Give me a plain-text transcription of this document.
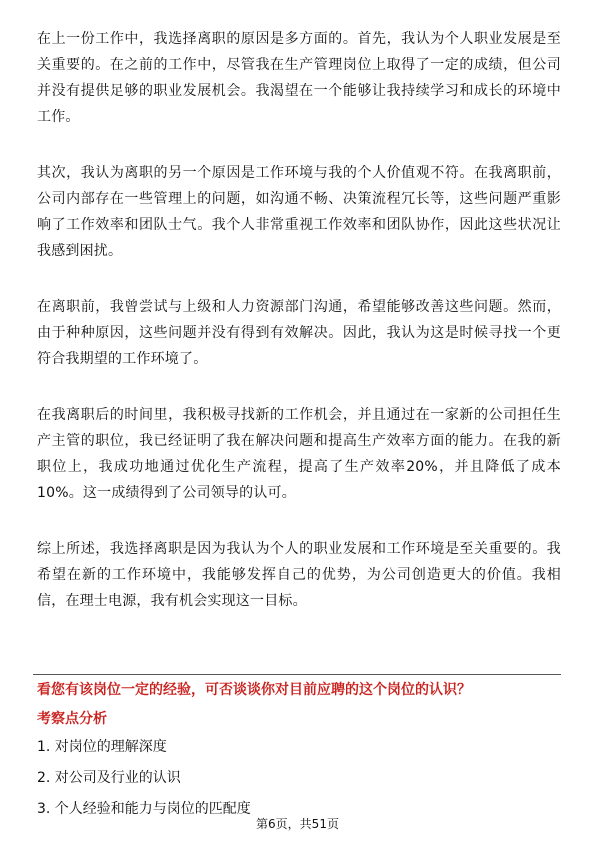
在上一份工作中，我选择离职的原因是多方面的。首先，我认为个人职业发展是至关重要的。在之前的工作中，尽管我在生产管理岗位上取得了一定的成绩，但公司并没有提供足够的职业发展机会。我渴望在一个能够让我持续学习和成长的环境中工作。

其次，我认为离职的另一个原因是工作环境与我的个人价值观不符。在我离职前，公司内部存在一些管理上的问题，如沟通不畅、决策流程冗长等，这些问题严重影响了工作效率和团队士气。我个人非常重视工作效率和团队协作，因此这些状况让我感到困扰。

在离职前，我曾尝试与上级和人力资源部门沟通，希望能够改善这些问题。然而，由于种种原因，这些问题并没有得到有效解决。因此，我认为这是时候寻找一个更符合我期望的工作环境了。

在我离职后的时间里，我积极寻找新的工作机会，并且通过在一家新的公司担任生产主管的职位，我已经证明了我在解决问题和提高生产效率方面的能力。在我的新职位上，我成功地通过优化生产流程，提高了生产效率20%，并且降低了成本10%。这一成绩得到了公司领导的认可。

综上所述，我选择离职是因为我认为个人的职业发展和工作环境是至关重要的。我希望在新的工作环境中，我能够发挥自己的优势，为公司创造更大的价值。我相信，在理士电源，我有机会实现这一目标。

看您有该岗位一定的经验，可否谈谈你对目前应聘的这个岗位的认识？
考察点分析
1. 对岗位的理解深度
2. 对公司及行业的认识
3. 个人经验和能力与岗位的匹配度
第6页，共51页
